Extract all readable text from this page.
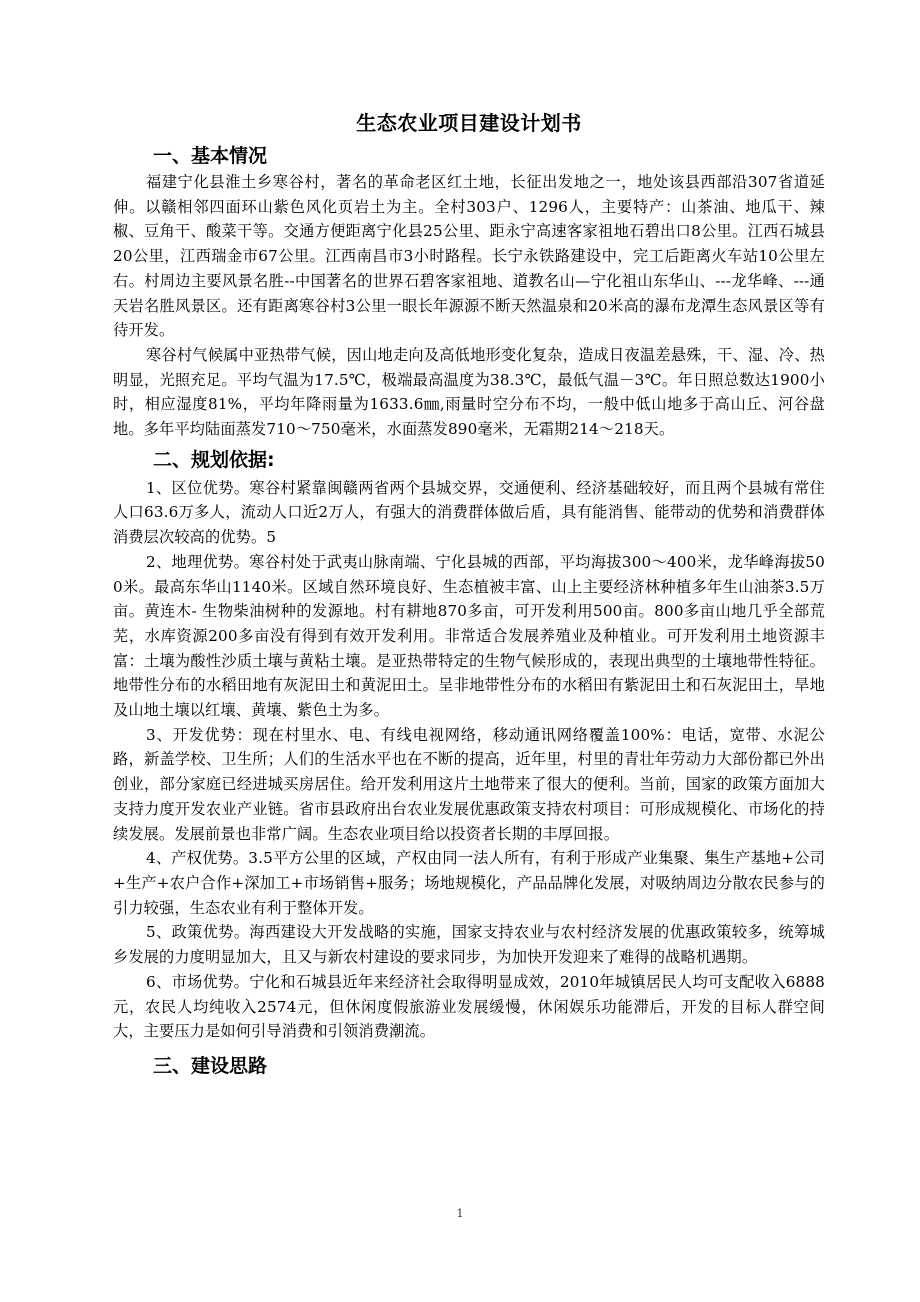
生态农业项目建设计划书
一、基本情况

福建宁化县淮土乡寒谷村，著名的革命老区红土地，长征出发地之一，地处该县西部沿307省道延伸。以赣相邻四面环山紫色风化页岩土为主。全村303户、1296人，主要特产：山茶油、地瓜干、辣椒、豆角干、酸菜干等。交通方便距离宁化县25公里、距永宁高速客家祖地石碧出口8公里。江西石城县20公里，江西瑞金市67公里。江西南昌市3小时路程。长宁永铁路建设中，完工后距离火车站10公里左右。村周边主要风景名胜--中国著名的世界石碧客家祖地、道教名山—宁化祖山东华山、---龙华峰、---通天岩名胜风景区。还有距离寒谷村3公里一眼长年源源不断天然温泉和20米高的瀑布龙潭生态风景区等有待开发。

寒谷村气候属中亚热带气候，因山地走向及高低地形变化复杂，造成日夜温差悬殊，干、湿、冷、热明显，光照充足。平均气温为17.5℃，极端最高温度为38.3℃，最低气温－3℃。年日照总数达1900小时，相应湿度81%，平均年降雨量为1633.6㎜,雨量时空分布不均，一般中低山地多于高山丘、河谷盘地。多年平均陆面蒸发710～750毫米，水面蒸发890毫米，无霜期214～218天。

二、规划依据:

1、区位优势。寒谷村紧靠闽赣两省两个县城交界，交通便利、经济基础较好，而且两个县城有常住人口63.6万多人，流动人口近2万人，有强大的消费群体做后盾，具有能消售、能带动的优势和消费群体消费层次较高的优势。5

2、地理优势。寒谷村处于武夷山脉南端、宁化县城的西部，平均海拔300～400米，龙华峰海拔500米。最高东华山1140米。区域自然环境良好、生态植被丰富、山上主要经济林种植多年生山油茶3.5万亩。黄连木- 生物柴油树种的发源地。村有耕地870多亩，可开发利用500亩。800多亩山地几乎全部荒芜，水库资源200多亩没有得到有效开发利用。非常适合发展养殖业及种植业。可开发利用土地资源丰富：土壤为酸性沙质土壤与黄粘土壤。是亚热带特定的生物气候形成的，表现出典型的土壤地带性特征。地带性分布的水稻田地有灰泥田土和黄泥田土。呈非地带性分布的水稻田有紫泥田土和石灰泥田土，旱地及山地土壤以红壤、黄壤、紫色土为多。

3、开发优势：现在村里水、电、有线电视网络，移动通讯网络覆盖100%：电话，宽带、水泥公路，新盖学校、卫生所；人们的生活水平也在不断的提高，近年里，村里的青壮年劳动力大部份都已外出创业，部分家庭已经进城买房居住。给开发利用这片土地带来了很大的便利。当前，国家的政策方面加大支持力度开发农业产业链。省市县政府出台农业发展优惠政策支持农村项目：可形成规模化、市场化的持续发展。发展前景也非常广阔。生态农业项目给以投资者长期的丰厚回报。

4、产权优势。3.5平方公里的区域，产权由同一法人所有，有利于形成产业集聚、集生产基地+公司+生产+农户合作+深加工+市场销售+服务；场地规模化，产品品牌化发展，对吸纳周边分散农民参与的引力较强，生态农业有利于整体开发。

5、政策优势。海西建设大开发战略的实施，国家支持农业与农村经济发展的优惠政策较多，统筹城乡发展的力度明显加大，且又与新农村建设的要求同步，为加快开发迎来了难得的战略机遇期。

6、市场优势。宁化和石城县近年来经济社会取得明显成效，2010年城镇居民人均可支配收入6888元，农民人均纯收入2574元，但休闲度假旅游业发展缓慢，休闲娱乐功能滞后，开发的目标人群空间大，主要压力是如何引导消费和引领消费潮流。

三、建设思路
1
